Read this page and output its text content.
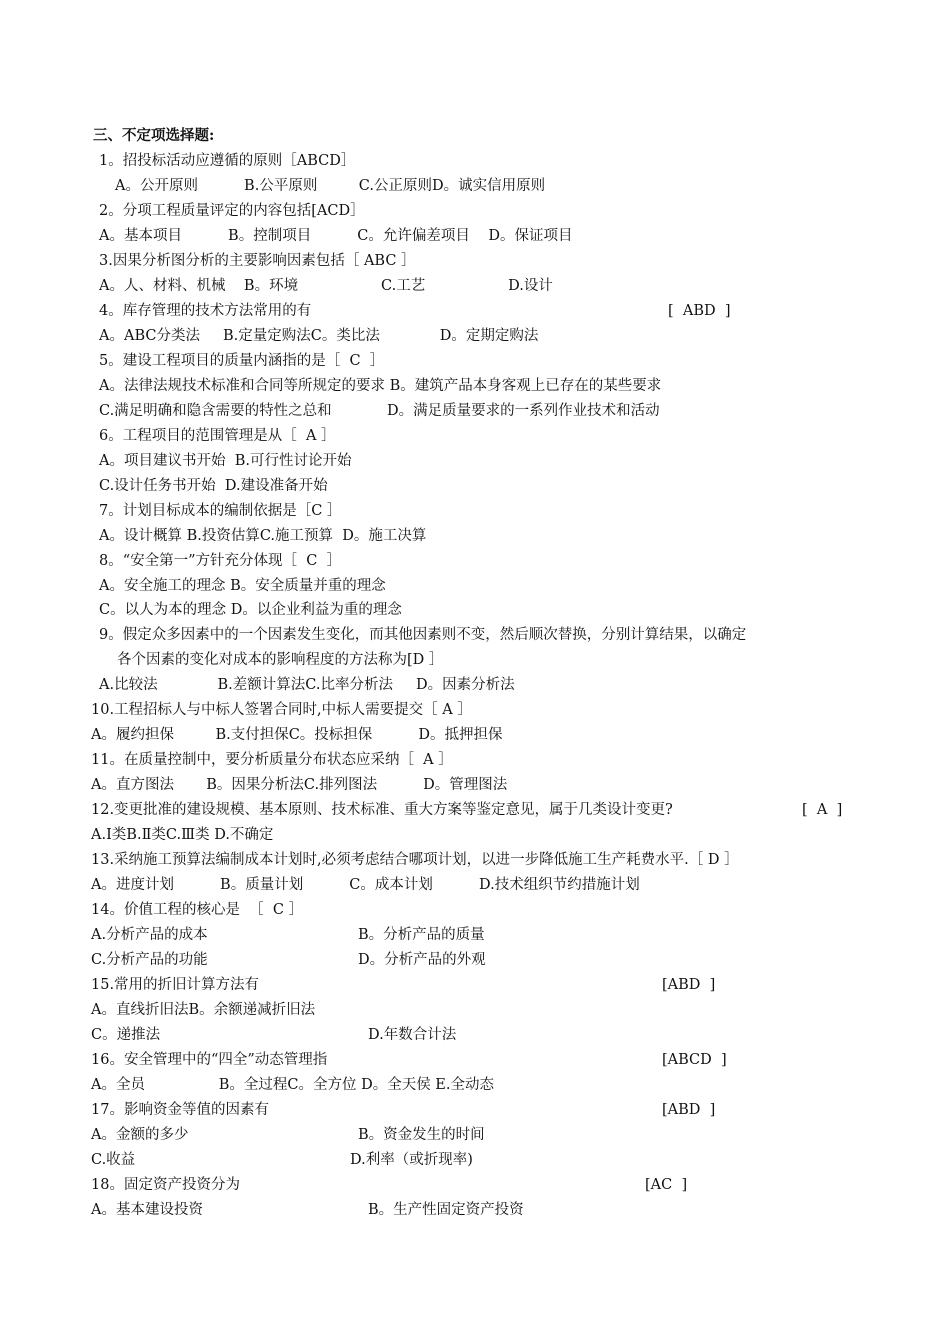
三、不定项选择题:
1。招投标活动应遵循的原则［ABCD］
A。公开原则          B.公平原则         C.公正原则D。诚实信用原则
2。分项工程质量评定的内容包括[ACD］
A。基本项目          B。控制项目          C。允许偏差项目    D。保证项目
3.因果分析图分析的主要影响因素包括［ ABC ］
A。人、材料、机械    B。环境                  C.工艺                  D.设计
4。库存管理的技术方法常用的有	[  ABD  ]
A。ABC分类法     B.定量定购法C。类比法             D。定期定购法
5。建设工程项目的质量内涵指的是［  C  ］
A。法律法规技术标准和合同等所规定的要求 B。建筑产品本身客观上已存在的某些要求
C.满足明确和隐含需要的特性之总和            D。满足质量要求的一系列作业技术和活动
6。工程项目的范围管理是从［  A ］
A。项目建议书开始  B.可行性讨论开始
C.设计任务书开始  D.建设准备开始
7。计划目标成本的编制依据是［C ］
A。设计概算 B.投资估算C.施工预算  D。施工决算
8。“安全第一”方针充分体现［  C  ］
A。安全施工的理念 B。安全质量并重的理念
C。以人为本的理念 D。以企业利益为重的理念
9。假定众多因素中的一个因素发生变化，而其他因素则不变，然后顺次替换，分别计算结果，以确定
各个因素的变化对成本的影响程度的方法称为[D ］
A.比较法             B.差额计算法C.比率分析法     D。因素分析法
10.工程招标人与中标人签署合同时,中标人需要提交［ A ］
A。履约担保         B.支付担保C。投标担保          D。抵押担保
11。在质量控制中，要分析质量分布状态应采纳［  A ］
A。直方图法       B。因果分析法C.排列图法          D。管理图法
12.变更批准的建设规模、基本原则、技术标准、重大方案等鉴定意见，属于几类设计变更?	[  A  ]
A.Ⅰ类B.Ⅱ类C.Ⅲ类 D.不确定
13.采纳施工预算法编制成本计划时,必须考虑结合哪项计划，以进一步降低施工生产耗费水平.［ D ］
A。进度计划          B。质量计划          C。成本计划          D.技术组织节约措施计划
14。价值工程的核心是  ［  C ］
A.分析产品的成本	B。分析产品的质量
C.分析产品的功能	D。分析产品的外观
15.常用的折旧计算方法有	[ABD  ]
A。直线折旧法B。余额递减折旧法
C。递推法	D.年数合计法
16。安全管理中的“四全”动态管理指	[ABCD  ]
A。全员                B。全过程C。全方位 D。全天侯 E.全动态
17。影响资金等值的因素有	[ABD  ]
A。金额的多少	B。资金发生的时间
C.收益	D.利率（或折现率)
18。固定资产投资分为	[AC  ]
A。基本建设投资	B。生产性固定资产投资
